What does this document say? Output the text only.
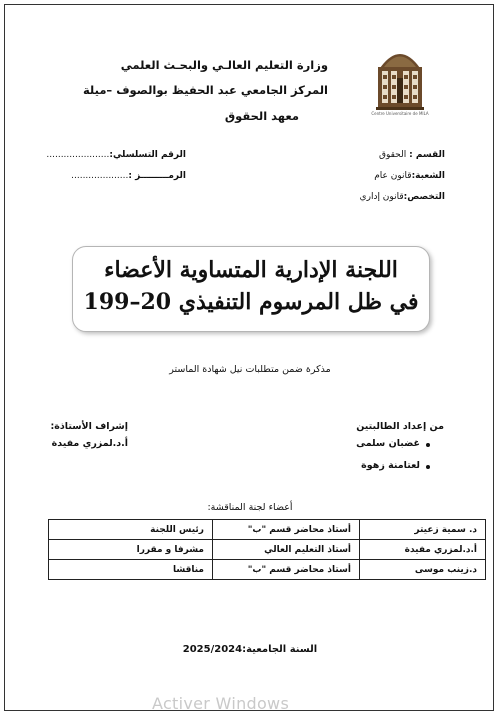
Centre Universitaire de MILA
وزارة التعليم العالـي والبحـث العلمي
المركز الجامعي عبد الحفيظ بوالصوف –ميلة
معهد الحقوق
القسم : الحقوق
الشعبة:قانون عام
التخصص:قانون إداري
الرقم التسلسلي:......................
الرمـــــــــز :....................
اللجنة الإدارية المتساوية الأعضاء
في ظل المرسوم التنفيذي 20–199
مذكرة ضمن متطلبات نيل شهادة الماستر
من إعداد الطالبتين
غضبان سلمى
لعتامنة زهوة
إشراف الأستاذة:
أ.د.لمزري مفيدة
أعضاء لجنة المناقشة:
د. سمية زعيتر	أستاذ محاضر قسم "ب"	رئيس اللجنة
أ.د.لمزري مفيدة	أستاذ التعليم العالي	مشرفا و مقررا
د.زينب موسى	أستاذ محاضر قسم "ب"	مناقشا
السنة الجامعية:2025/2024
Activer Windows
